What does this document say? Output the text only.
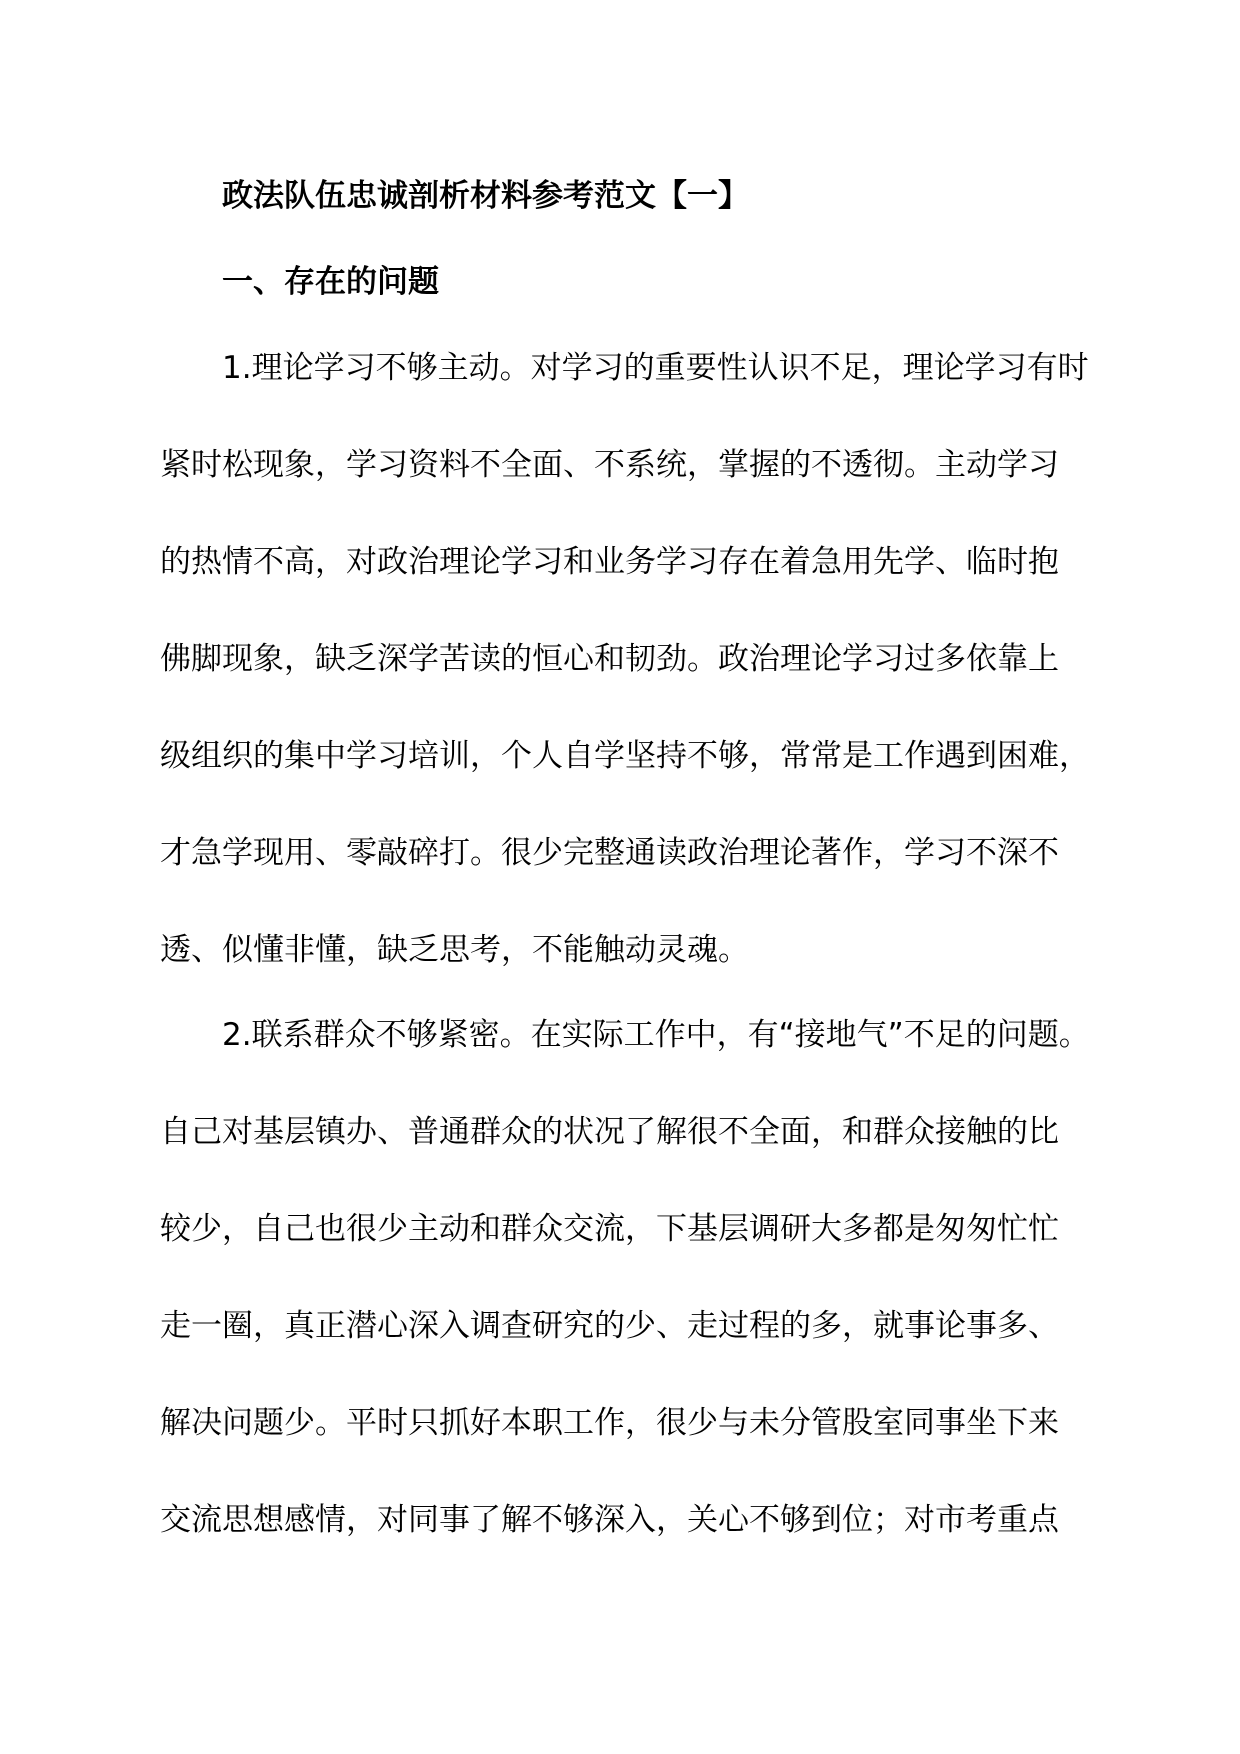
政法队伍忠诚剖析材料参考范文【一】
一、存在的问题
1.理论学习不够主动。对学习的重要性认识不足，理论学习有时
紧时松现象，学习资料不全面、不系统，掌握的不透彻。主动学习
的热情不高，对政治理论学习和业务学习存在着急用先学、临时抱
佛脚现象，缺乏深学苦读的恒心和韧劲。政治理论学习过多依靠上
级组织的集中学习培训，个人自学坚持不够，常常是工作遇到困难，
才急学现用、零敲碎打。很少完整通读政治理论著作，学习不深不
透、似懂非懂，缺乏思考，不能触动灵魂。
2.联系群众不够紧密。在实际工作中，有“接地气”不足的问题。
自己对基层镇办、普通群众的状况了解很不全面，和群众接触的比
较少，自己也很少主动和群众交流，下基层调研大多都是匆匆忙忙
走一圈，真正潜心深入调查研究的少、走过程的多，就事论事多、
解决问题少。平时只抓好本职工作，很少与未分管股室同事坐下来
交流思想感情，对同事了解不够深入，关心不够到位；对市考重点
